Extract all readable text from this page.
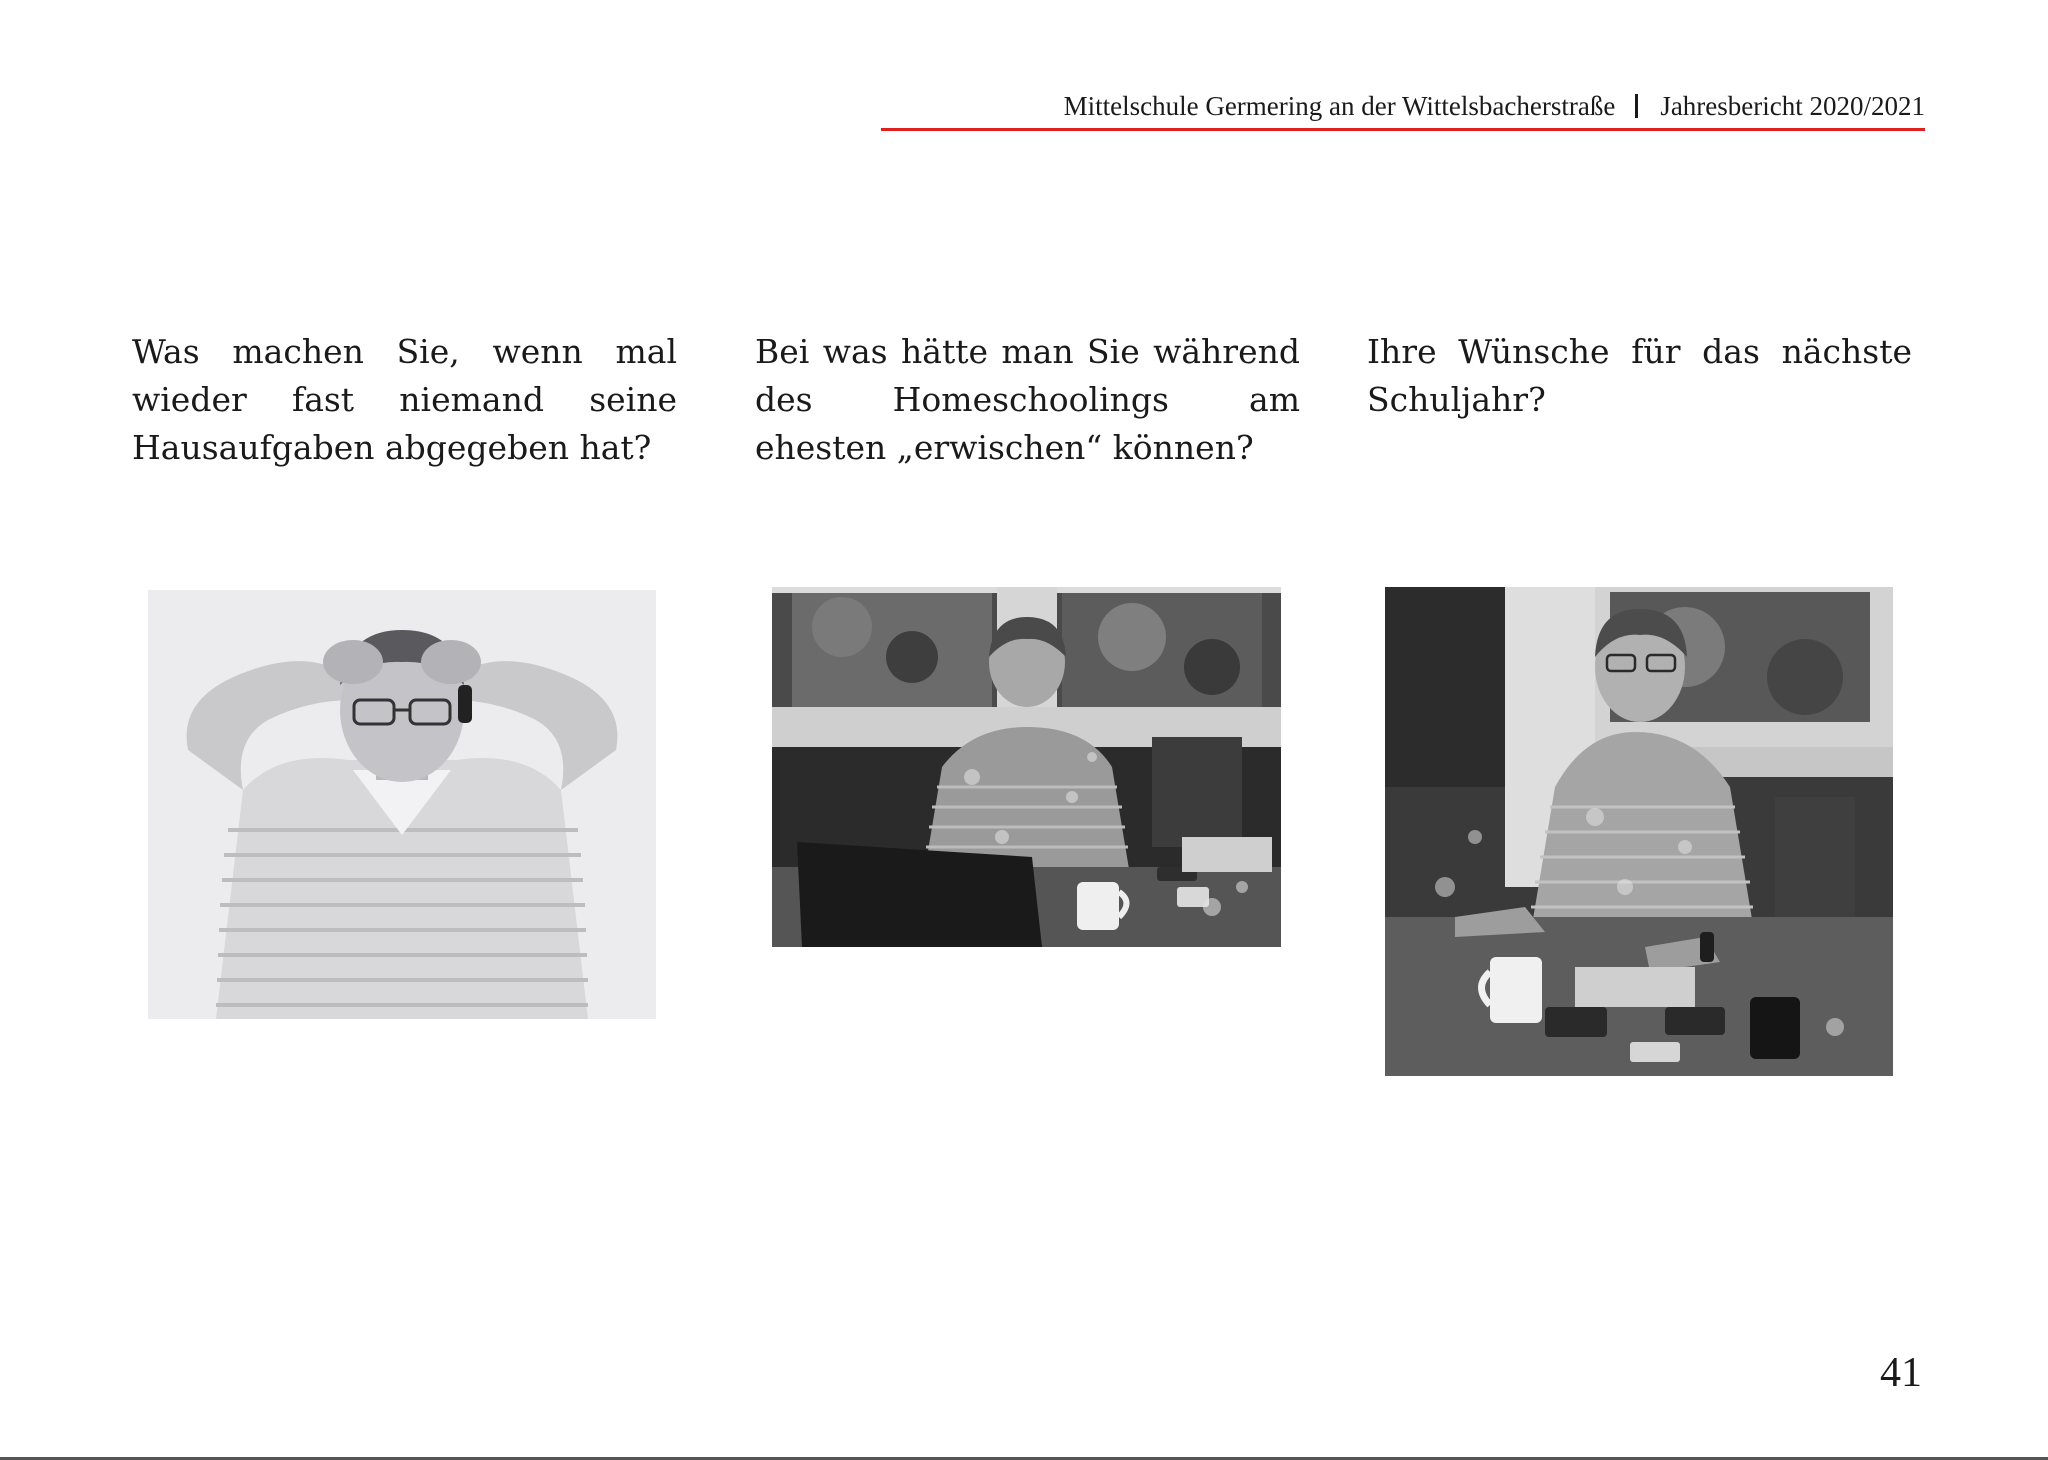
Mittelschule Germering an der Wittelsbacherstraße Jahresbericht 2020/2021

Was machen Sie, wenn mal wieder fast niemand seine Hausaufgaben abgegeben hat?

Bei was hätte man Sie während des Homeschoolings am ehesten „erwischen“ können?

Ihre Wünsche für das nächste Schuljahr?

41
